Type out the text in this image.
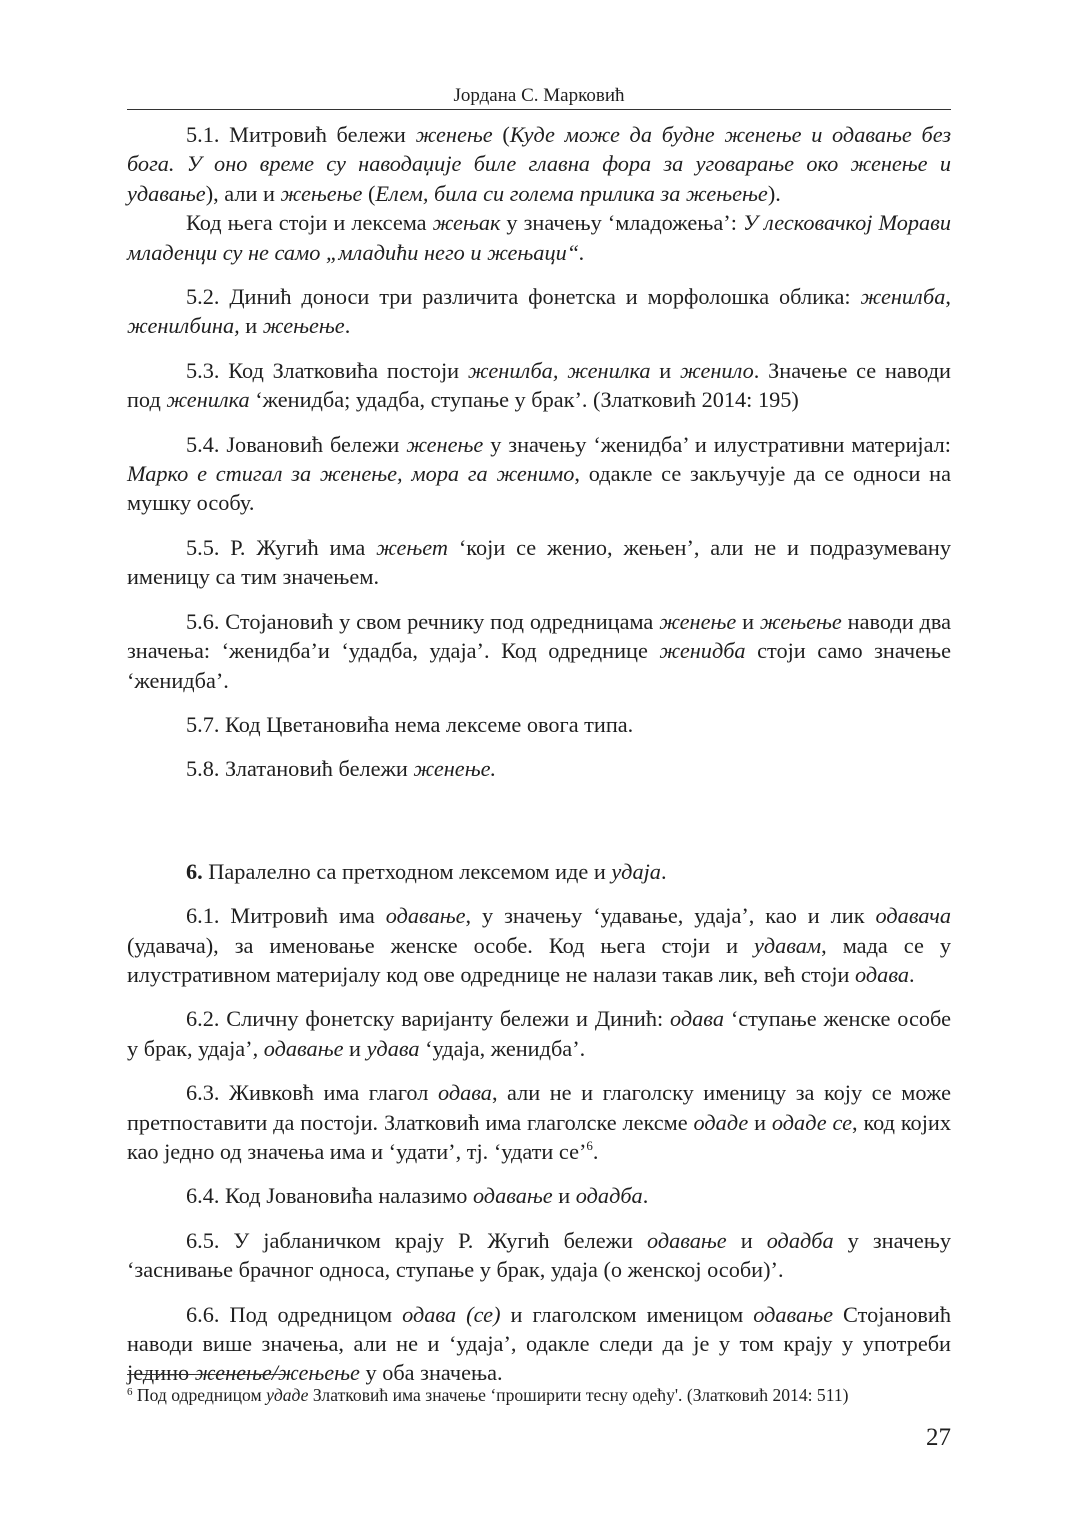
Јордана С. Марковић

5.1. Митровић бележи женење (Куде може да будне женење и одавање без бога. У оно време су наводаџије биле главна фора за уговарање око женење и удавање), али и жењење (Елем, била си голема прилика за жењење).

Код њега стоји и лексема жењак у значењу ‘младожења’: У лесковачкој Морави младенци су не само „младићи него и жењаци“.

5.2. Динић доноси три различита фонетска и морфолошка облика: женилба, женилбина, и жењење.

5.3. Код Златковића постоји женилба, женилка и женило. Значење се наводи под женилка ‘женидба; удадба, ступање у брак’. (Златковић 2014: 195)

5.4. Јовановић бележи женење у значењу ‘женидба’ и илустративни материјал: Марко е стигал за женење, мора га женимо, одакле се закључује да се односи на мушку особу.

5.5. Р. Жугић има жењет ‘који се женио, жењен’, али не и подразумевану именицу са тим значењем.

5.6. Стојановић у свом речнику под одредницама женење и жењење наводи два значења: ‘женидба’и ‘удадба, удаја’. Код одреднице женидба стоји само значење ‘женидба’.

5.7. Код Цветановића нема лексеме овога типа.

5.8. Златановић бележи женење.

6. Паралелно са претходном лексемом иде и удаја.

6.1. Митровић има одавање, у значењу ‘удавање, удаја’, као и лик одавача (удавача), за именовање женске особе. Код њега стоји и удавам, мада се у илустративном материјалу код ове одреднице не налази такав лик, већ стоји одава.

6.2. Сличну фонетску варијанту бележи и Динић: одава ‘ступање женске особе у брак, удаја’, одавање и удава ‘удаја, женидба’.

6.3. Живковћ има глагол одава, али не и глаголску именицу за коју се може претпоставити да постоји. Златковић има глаголске лексме одаде и одаде се, код којих као једно од значења има и ‘удати’, тј. ‘удати се’$^6$.

6.4. Код Јовановића налазимо одавање и одадба.

6.5. У јабланичком крају Р. Жугић бележи одавање и одадба у значењу ‘заснивање брачног односа, ступање у брак, удаја (о женској особи)’.

6.6. Под одредницом одава (се) и глаголском именицом одавање Стојановић наводи више значења, али не и ‘удаја’, одакле следи да је у том крају у употреби једино женење/жењење у оба значења.

$^6$ Под одредницом удаде Златковић има значење ‘проширити тесну одећу'. (Златковић 2014: 511)
27
